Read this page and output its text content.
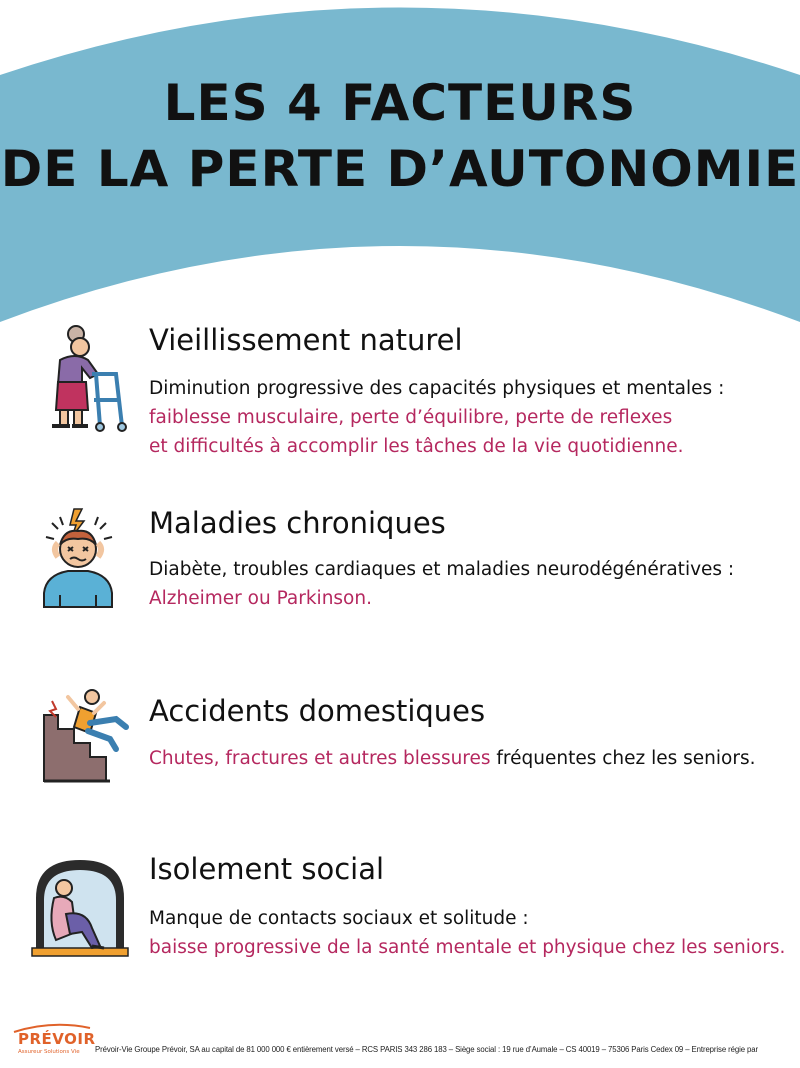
LES 4 FACTEURS
DE LA PERTE D’AUTONOMIE
Vieillissement naturel
Diminution progressive des capacités physiques et mentales :
faiblesse musculaire, perte d’équilibre, perte de reflexes
et difficultés à accomplir les tâches de la vie quotidienne.
Maladies chroniques
Diabète, troubles cardiaques et maladies neurodégénératives :
Alzheimer ou Parkinson.
Accidents domestiques
Chutes, fractures et autres blessures fréquentes chez les seniors.
Isolement social
Manque de contacts sociaux et solitude :
baisse progressive de la santé mentale et physique chez les seniors.
PRÉVOIR
Assureur Solutions Vie Prévoir-Vie Groupe Prévoir, SA au capital de 81 000 000 € entièrement versé – RCS PARIS 343 286 183 – Siège social : 19 rue d’Aumale – CS 40019 – 75306 Paris Cedex 09 – Entreprise régie par
